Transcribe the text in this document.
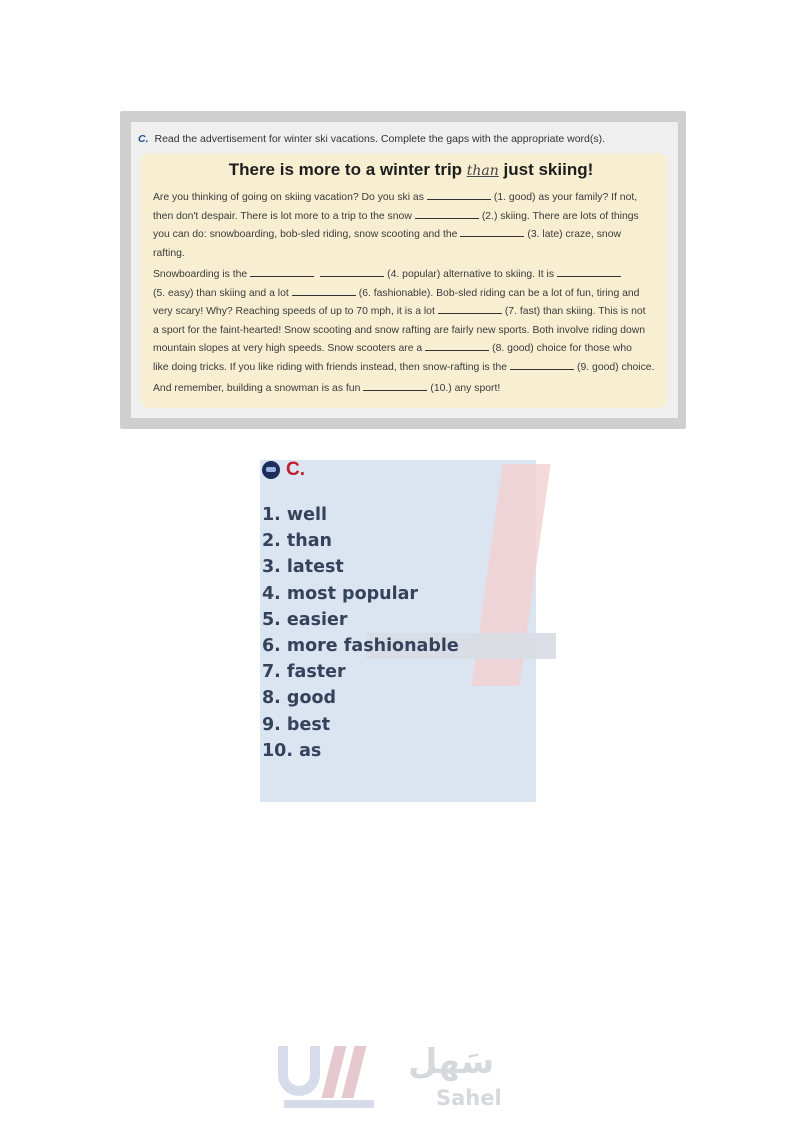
C. Read the advertisement for winter ski vacations. Complete the gaps with the appropriate word(s).
There is more to a winter trip than just skiing!
Are you thinking of going on skiing vacation? Do you ski as	(1. good) as your family? If not,
then don't despair. There is lot more to a trip to the snow	(2.) skiing. There are lots of things
you can do: snowboarding, bob-sled riding, snow scooting and the	(3. late) craze, snow
rafting.
Snowboarding is the	(4. popular) alternative to skiing. It is
(5. easy) than skiing and a lot	(6. fashionable). Bob-sled riding can be a lot of fun, tiring and
very scary! Why? Reaching speeds of up to 70 mph, it is a lot	(7. fast) than skiing. This is not
a sport for the faint-hearted! Snow scooting and snow rafting are fairly new sports. Both involve riding down
mountain slopes at very high speeds. Snow scooters are a	(8. good) choice for those who
like doing tricks. If you like riding with friends instead, then snow-rafting is the	(9. good) choice.
And remember, building a snowman is as fun	(10.) any sport!
C.
1. well
2. than
3. latest
4. most popular
5. easier
6. more fashionable
7. faster
8. good
9. best
10. as
سَهل
Sahel
